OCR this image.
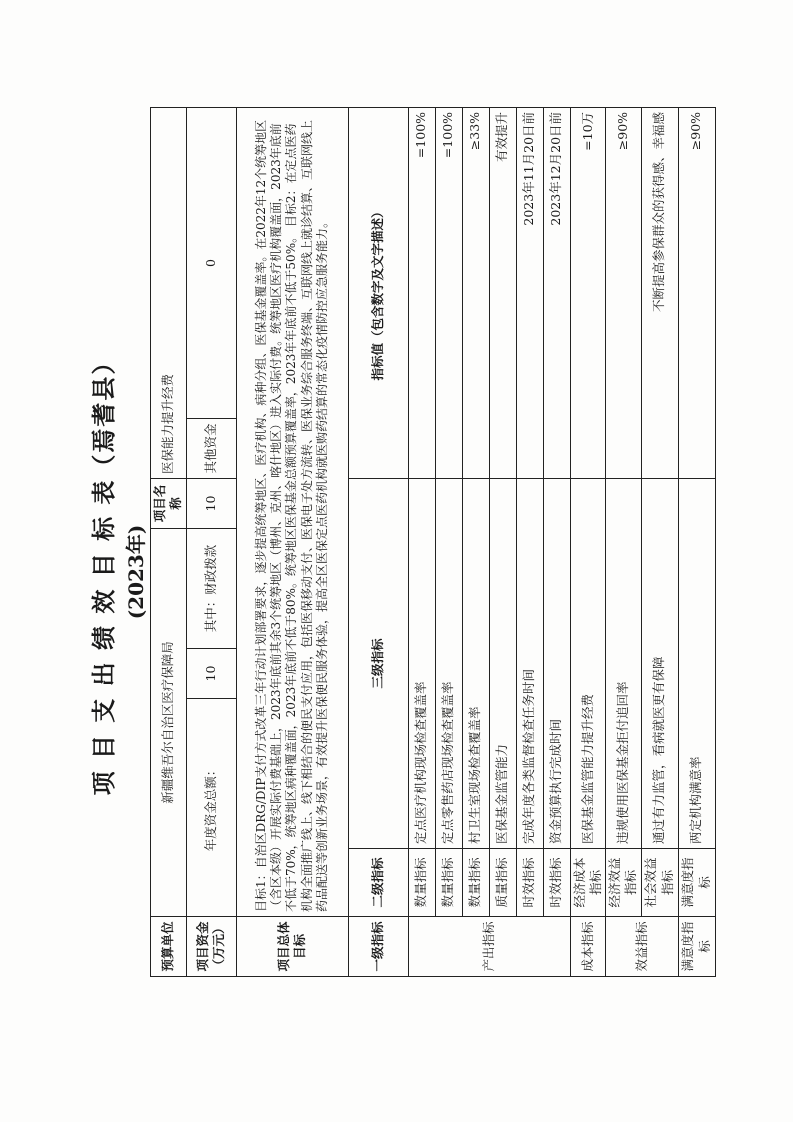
项 目 支 出 绩 效 目 标 表（焉耆县） (2023年)
预算单位	新疆维吾尔自治区医疗保障局				项目名称	医保能力提升经费	
项目资金（万元）	年度资金总额：		10	其中：财政拨款	10	其他资金	0
项目总体目标	目标1：自治区DRG/DIP支付方式改革三年行动计划部署要求，逐步提高统筹地区、医疗机构、病种分组、医保基金覆盖率。在2022年12个统筹地区（含区本级）开展实际付费基础上，2023年底前其余3个统筹地区（博州、克州、喀什地区）进入实际付费。统筹地区医疗机构覆盖面，2023年底前不低于70%，统筹地区病种覆盖面，2023年底前不低于80%。统筹地区医保基金总额预算覆盖率，2023年年底前不低于50%。 目标2：在定点医药机构全面推广线上、线下相结合的便民支付应用，包括医保移动支付、医保电子处方流转、医保业务综合服务终端、互联网线上就诊结算、互联网线上药品配送等创新业务场景，有效提升医保便民服务体验，提高全区医保定点医药机构就医购药结算的常态化疫情防控应急服务能力。						
一级指标	二级指标	三级指标				指标值（包含数字及文字描述）	
产出指标	数量指标	定点医疗机构现场检查覆盖率				=100%	
	数量指标	定点零售药店现场检查覆盖率				=100%	
	数量指标	村卫生室现场检查覆盖率				≥33%	
	质量指标	医保基金监管能力				有效提升	
	时效指标	完成年度各类监督检查任务时间				2023年11月20日前	
	时效指标	资金预算执行完成时间				2023年12月20日前	
成本指标	经济成本指标	医保基金监管能力提升经费				=10万	
效益指标	经济效益指标	违规使用医保基金拒付追回率				≥90%	
	社会效益指标	通过有力监管，看病就医更有保障				不断提高参保群众的获得感、幸福感	
满意度指标	满意度指标	两定机构满意率				≥90%	
